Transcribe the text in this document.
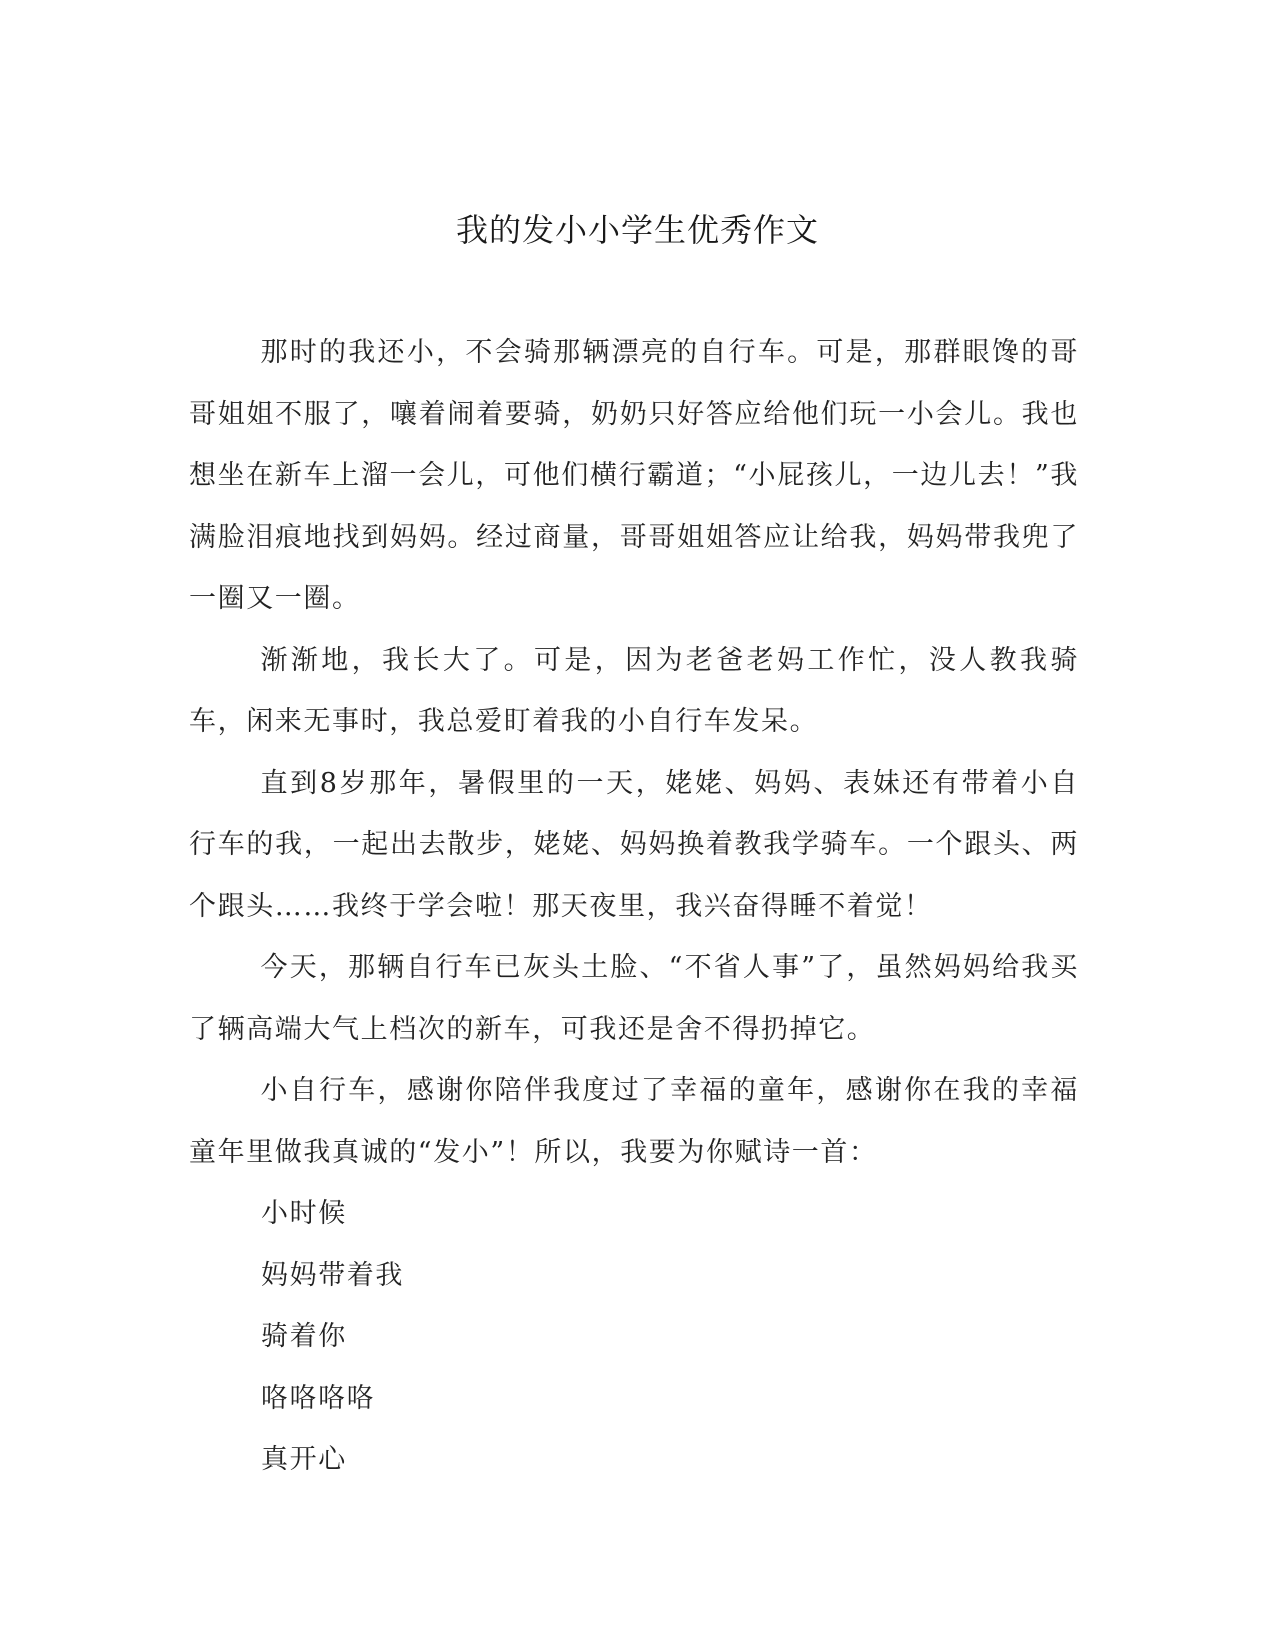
我的发小小学生优秀作文

那时的我还小，不会骑那辆漂亮的自行车。可是，那群眼馋的哥哥姐姐不服了，嚷着闹着要骑，奶奶只好答应给他们玩一小会儿。我也想坐在新车上溜一会儿，可他们横行霸道；“小屁孩儿，一边儿去！”我满脸泪痕地找到妈妈。经过商量，哥哥姐姐答应让给我，妈妈带我兜了一圈又一圈。

渐渐地，我长大了。可是，因为老爸老妈工作忙，没人教我骑车，闲来无事时，我总爱盯着我的小自行车发呆。

直到8岁那年，暑假里的一天，姥姥、妈妈、表妹还有带着小自行车的我，一起出去散步，姥姥、妈妈换着教我学骑车。一个跟头、两个跟头……我终于学会啦！那天夜里，我兴奋得睡不着觉！

今天，那辆自行车已灰头土脸、“不省人事”了，虽然妈妈给我买了辆高端大气上档次的新车，可我还是舍不得扔掉它。

小自行车，感谢你陪伴我度过了幸福的童年，感谢你在我的幸福童年里做我真诚的“发小”！所以，我要为你赋诗一首：

小时候

妈妈带着我

骑着你

咯咯咯咯

真开心
